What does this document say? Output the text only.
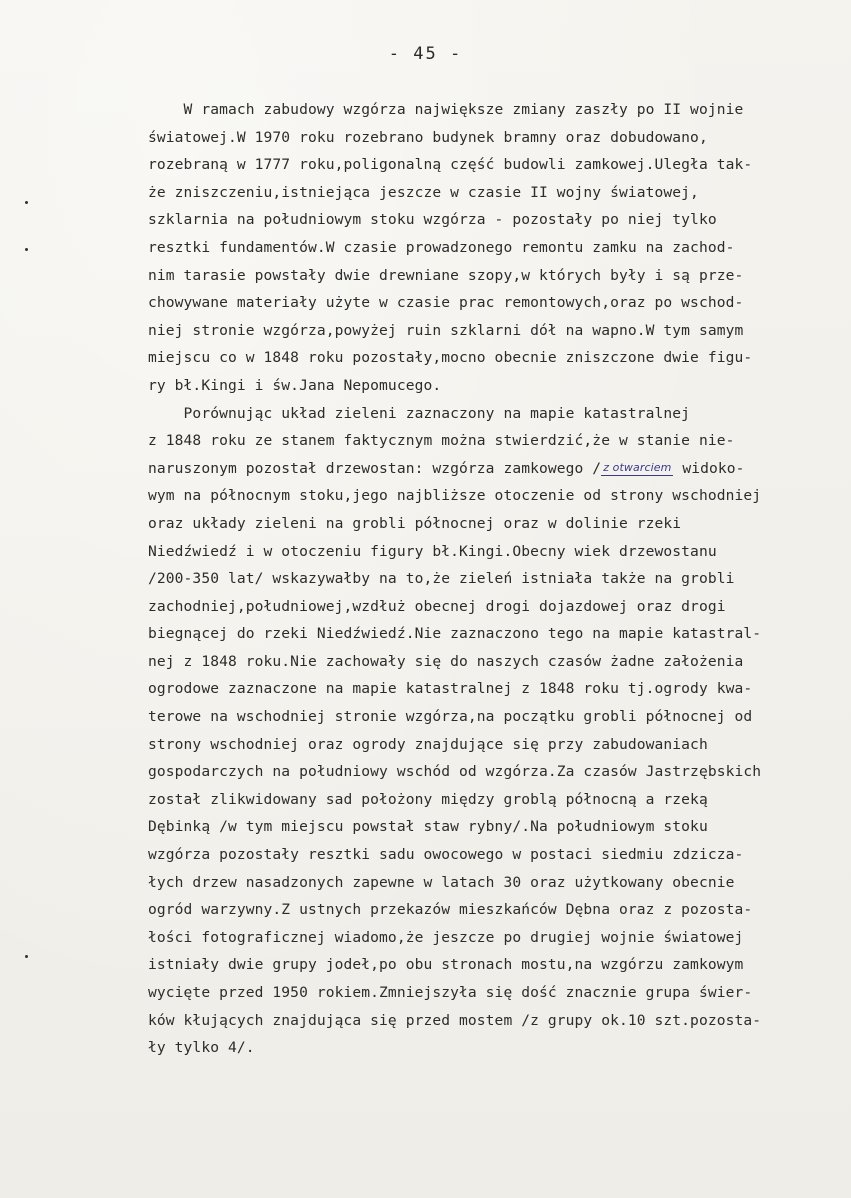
- 45 -
W ramach zabudowy wzgórza największe zmiany zaszły po II wojnie
światowej.W 1970 roku rozebrano budynek bramny oraz dobudowano,
rozebraną w 1777 roku,poligonalną część budowli zamkowej.Uległa tak-
że zniszczeniu,istniejąca jeszcze w czasie II wojny światowej,
szklarnia na południowym stoku wzgórza - pozostały po niej tylko
resztki fundamentów.W czasie prowadzonego remontu zamku na zachod-
nim tarasie powstały dwie drewniane szopy,w których były i są prze-
chowywane materiały użyte w czasie prac remontowych,oraz po wschod-
niej stronie wzgórza,powyżej ruin szklarni dół na wapno.W tym samym
miejscu co w 1848 roku pozostały,mocno obecnie zniszczone dwie figu-
ry bł.Kingi i św.Jana Nepomucego.
Porównując układ zieleni zaznaczony na mapie katastralnej
z 1848 roku ze stanem faktycznym można stwierdzić,że w stanie nie-
naruszonym pozostał drzewostan: wzgórza zamkowego / z otwarciem widoko-
wym na północnym stoku,jego najbliższe otoczenie od strony wschodniej
oraz układy zieleni na grobli północnej oraz w dolinie rzeki
Niedźwiedź i w otoczeniu figury bł.Kingi.Obecny wiek drzewostanu
/200-350 lat/ wskazywałby na to,że zieleń istniała także na grobli
zachodniej,południowej,wzdłuż obecnej drogi dojazdowej oraz drogi
biegnącej do rzeki Niedźwiedź.Nie zaznaczono tego na mapie katastral-
nej z 1848 roku.Nie zachowały się do naszych czasów żadne założenia
ogrodowe zaznaczone na mapie katastralnej z 1848 roku tj.ogrody kwa-
terowe na wschodniej stronie wzgórza,na początku grobli północnej od
strony wschodniej oraz ogrody znajdujące się przy zabudowaniach
gospodarczych na południowy wschód od wzgórza.Za czasów Jastrzębskich
został zlikwidowany sad położony między groblą północną a rzeką
Dębinką /w tym miejscu powstał staw rybny/.Na południowym stoku
wzgórza pozostały resztki sadu owocowego w postaci siedmiu zdzicza-
łych drzew nasadzonych zapewne w latach 30 oraz użytkowany obecnie
ogród warzywny.Z ustnych przekazów mieszkańców Dębna oraz z pozosta-
łości fotograficznej wiadomo,że jeszcze po drugiej wojnie światowej
istniały dwie grupy jodeł,po obu stronach mostu,na wzgórzu zamkowym
wycięte przed 1950 rokiem.Zmniejszyła się dość znacznie grupa świer-
ków kłujących znajdująca się przed mostem /z grupy ok.10 szt.pozosta-
ły tylko 4/.
